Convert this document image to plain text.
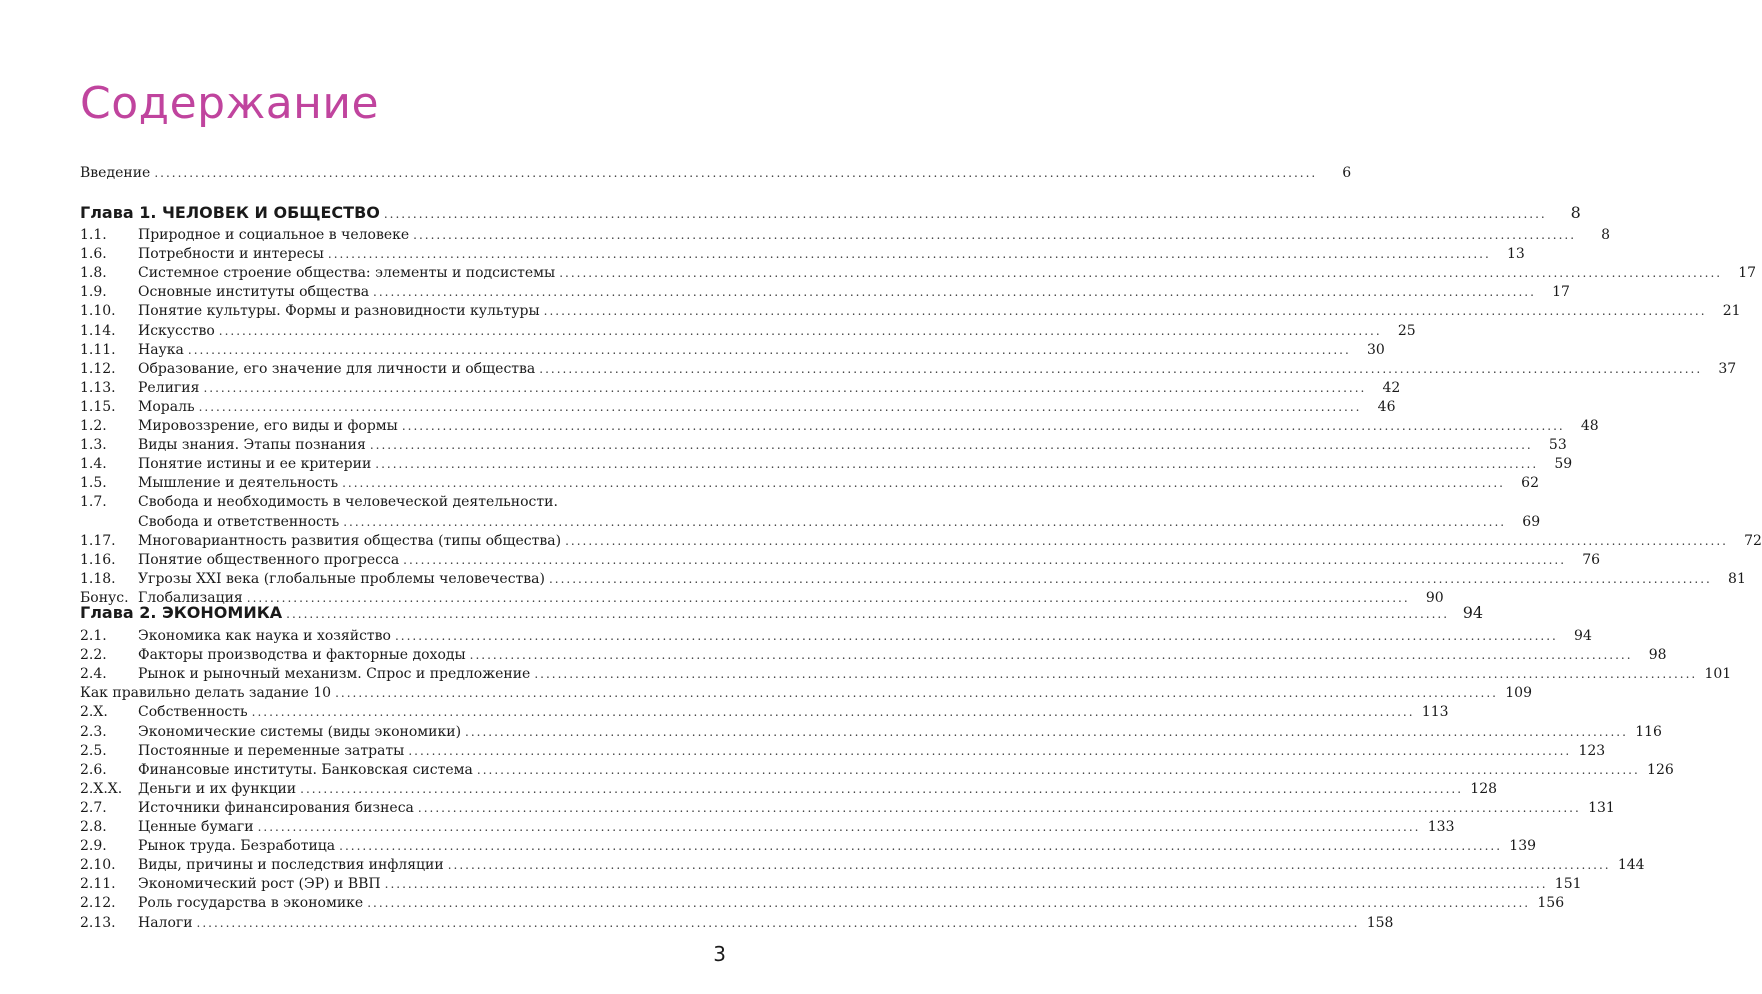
Содержание
Введение ........................................................................................................................................................................................................	6
Глава 1. ЧЕЛОВЕК И ОБЩЕСТВО ........................................................................................................................................................................................................	8
1.1.	Природное и социальное в человеке ........................................................................................................................................................................................................	8
1.6.	Потребности и интересы ........................................................................................................................................................................................................	13
1.8.	Системное строение общества: элементы и подсистемы ........................................................................................................................................................................................................	17
1.9.	Основные институты общества ........................................................................................................................................................................................................	17
1.10.	Понятие культуры. Формы и разновидности культуры ........................................................................................................................................................................................................	21
1.14.	Искусство ........................................................................................................................................................................................................	25
1.11.	Наука ........................................................................................................................................................................................................	30
1.12.	Образование, его значение для личности и общества ........................................................................................................................................................................................................	37
1.13.	Религия ........................................................................................................................................................................................................	42
1.15.	Мораль ........................................................................................................................................................................................................	46
1.2.	Мировоззрение, его виды и формы ........................................................................................................................................................................................................	48
1.3.	Виды знания. Этапы познания ........................................................................................................................................................................................................	53
1.4.	Понятие истины и ее критерии ........................................................................................................................................................................................................	59
1.5.	Мышление и деятельность ........................................................................................................................................................................................................	62
1.7.	Свобода и необходимость в человеческой деятельности.
Свобода и ответственность ........................................................................................................................................................................................................	69
1.17.	Многовариантность развития общества (типы общества) ........................................................................................................................................................................................................	72
1.16.	Понятие общественного прогресса ........................................................................................................................................................................................................	76
1.18.	Угрозы XXI века (глобальные проблемы человечества) ........................................................................................................................................................................................................	81
Бонус. Глобализация ........................................................................................................................................................................................................	90
Глава 2. ЭКОНОМИКА ........................................................................................................................................................................................................ 94
2.1.	Экономика как наука и хозяйство ........................................................................................................................................................................................................	94
2.2.	Факторы производства и факторные доходы ........................................................................................................................................................................................................	98
2.4.	Рынок и рыночный механизм. Спрос и предложение ........................................................................................................................................................................................................ 101
Как правильно делать задание 10 ........................................................................................................................................................................................................ 109
2.X.	Собственность ........................................................................................................................................................................................................ 113
2.3.	Экономические системы (виды экономики) ........................................................................................................................................................................................................ 116
2.5.	Постоянные и переменные затраты ........................................................................................................................................................................................................ 123
2.6.	Финансовые институты. Банковская система ........................................................................................................................................................................................................ 126
2.X.X.	Деньги и их функции ........................................................................................................................................................................................................ 128
2.7.	Источники финансирования бизнеса ........................................................................................................................................................................................................ 131
2.8.	Ценные бумаги ........................................................................................................................................................................................................ 133
2.9.	Рынок труда. Безработица ........................................................................................................................................................................................................ 139
2.10.	Виды, причины и последствия инфляции ........................................................................................................................................................................................................ 144
2.11.	Экономический рост (ЭР) и ВВП ........................................................................................................................................................................................................ 151
2.12.	Роль государства в экономике ........................................................................................................................................................................................................ 156
2.13.	Налоги ........................................................................................................................................................................................................ 158
3
